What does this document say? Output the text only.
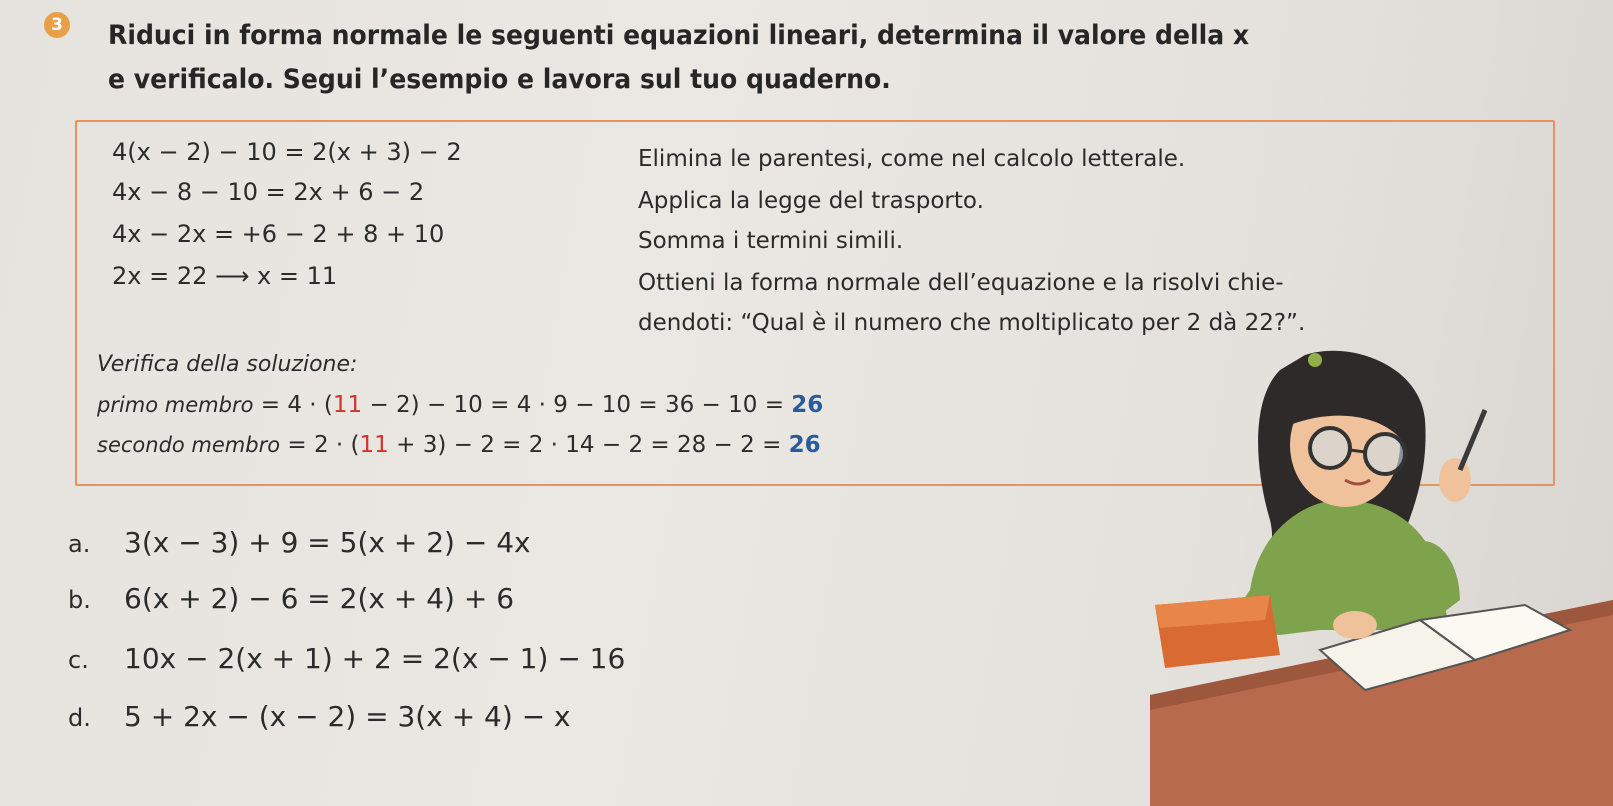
3 Riduci in forma normale le seguenti equazioni lineari, determina il valore della x
e verificalo. Segui l’esempio e lavora sul tuo quaderno.
4(x − 2) − 10 = 2(x + 3) − 2
4x − 8 − 10 = 2x + 6 − 2
4x − 2x = +6 − 2 + 8 + 10
2x = 22 ⟶ x = 11
Elimina le parentesi, come nel calcolo letterale.
Applica la legge del trasporto.
Somma i termini simili.
Ottieni la forma normale dell’equazione e la risolvi chie-
dendoti: “Qual è il numero che moltiplicato per 2 dà 22?”.
Verifica della soluzione:
primo membro = 4 · (11 − 2) − 10 = 4 · 9 − 10 = 36 − 10 = 26
secondo membro = 2 · (11 + 3) − 2 = 2 · 14 − 2 = 28 − 2 = 26
a. 3(x − 3) + 9 = 5(x + 2) − 4x
b. 6(x + 2) − 6 = 2(x + 4) + 6
c. 10x − 2(x + 1) + 2 = 2(x − 1) − 16
d. 5 + 2x − (x − 2) = 3(x + 4) − x
